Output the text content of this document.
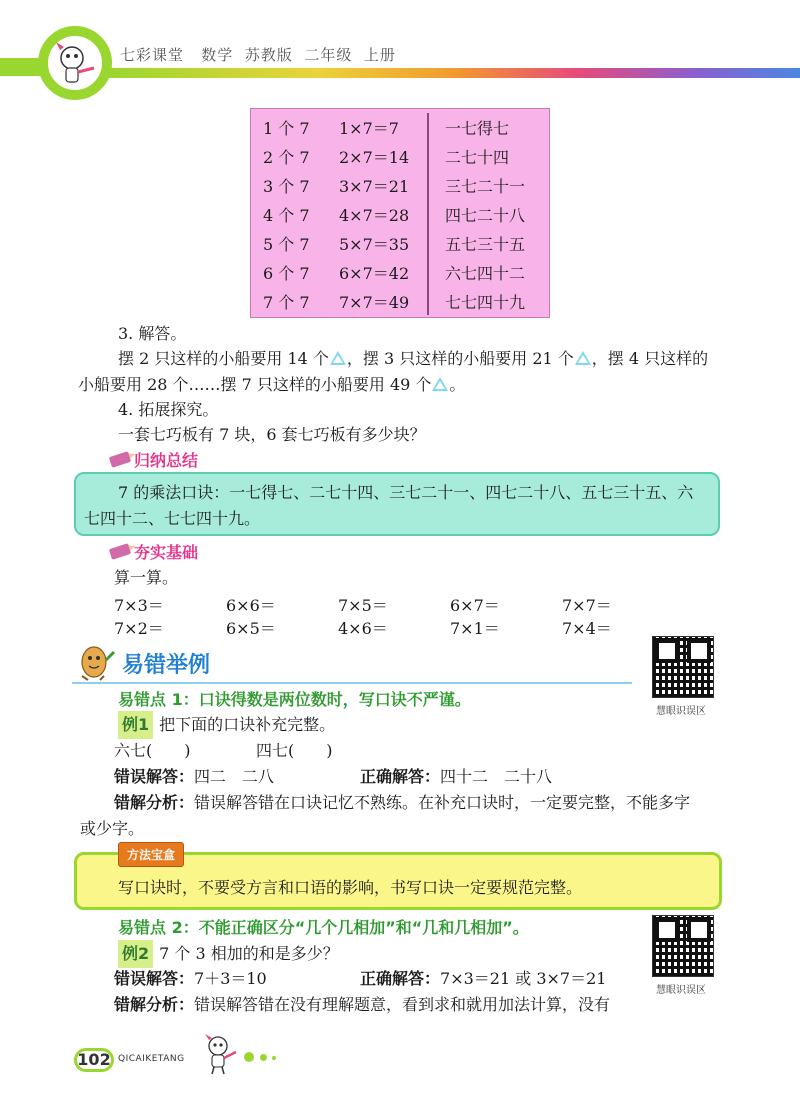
七彩课堂   数学  苏教版  二年级  上册
1 个 7 1×7＝7	一七得七
2 个 7 2×7＝14 二七十四
3 个 7 3×7＝21 三七二十一
4 个 7 4×7＝28 四七二十八
5 个 7 5×7＝35 五七三十五
6 个 7 6×7＝42 六七四十二
7 个 7 7×7＝49 七七四十九
3. 解答。
摆 2 只这样的小船要用 14 个 ，摆 3 只这样的小船要用 21 个 ，摆 4 只这样的
小船要用 28 个……摆 7 只这样的小船要用 49 个 。
4. 拓展探究。
一套七巧板有 7 块，6 套七巧板有多少块？
归纳总结
7 的乘法口诀：一七得七、二七十四、三七二十一、四七二十八、五七三十五、六
七四十二、七七四十九。
夯实基础
算一算。
7×3＝	6×6＝	7×5＝	6×7＝	7×7＝
7×2＝	6×5＝	4×6＝	7×1＝	7×4＝
易错举例
慧眼识误区
易错点 1：口诀得数是两位数时，写口诀不严谨。
例1 把下面的口诀补充完整。
六七(　　)	四七(　　)
错误解答：四二　二八	正确解答：四十二　二十八
错解分析：错误解答错在口诀记忆不熟练。在补充口诀时，一定要完整，不能多字
或少字。
方法宝盒
写口诀时，不要受方言和口语的影响，书写口诀一定要规范完整。
慧眼识误区
易错点 2：不能正确区分“几个几相加”和“几和几相加”。
例2 7 个 3 相加的和是多少？
错误解答：7＋3＝10	正确解答：7×3＝21 或 3×7＝21
错解分析：错误解答错在没有理解题意，看到求和就用加法计算，没有
102 QICAIKETANG
